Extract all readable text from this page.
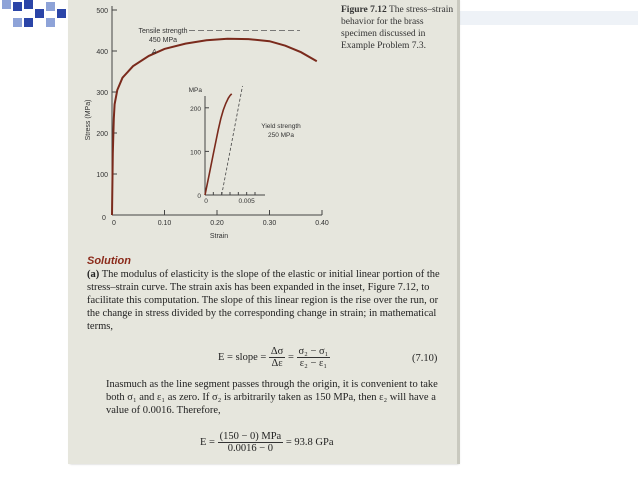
100
200
300
400
500
0	0.10	0.20	0.30	0.40
0
Strain
Stress (MPa)
0
100
200
MPa
0	0.005
Tensile strength
450 MPa
A
Yield strength
250 MPa
Figure 7.12 The stress–strain behavior for the brass specimen discussed in Example Problem 7.3.
Solution
(a) The modulus of elasticity is the slope of the elastic or initial linear portion of the stress–strain curve. The strain axis has been expanded in the inset, Figure 7.12, to facilitate this computation. The slope of this linear region is the rise over the run, or the change in stress divided by the corresponding change in strain; in mathematical terms,
E = slope = $\frac{\Delta\sigma}{\Delta\varepsilon} = \frac{\text{σ₂ − σ₁}}{\text{ε₂ − ε₁}}$	(7.10)
Inasmuch as the line segment passes through the origin, it is convenient to take both σ₁ and ε₁ as zero. If σ₂ is arbitrarily taken as 150 MPa, then ε₂ will have a value of 0.0016. Therefore,
$E = \frac{\text{(150 − 0) MPa}}{0.0016 - 0} = 93.8$ GPa
